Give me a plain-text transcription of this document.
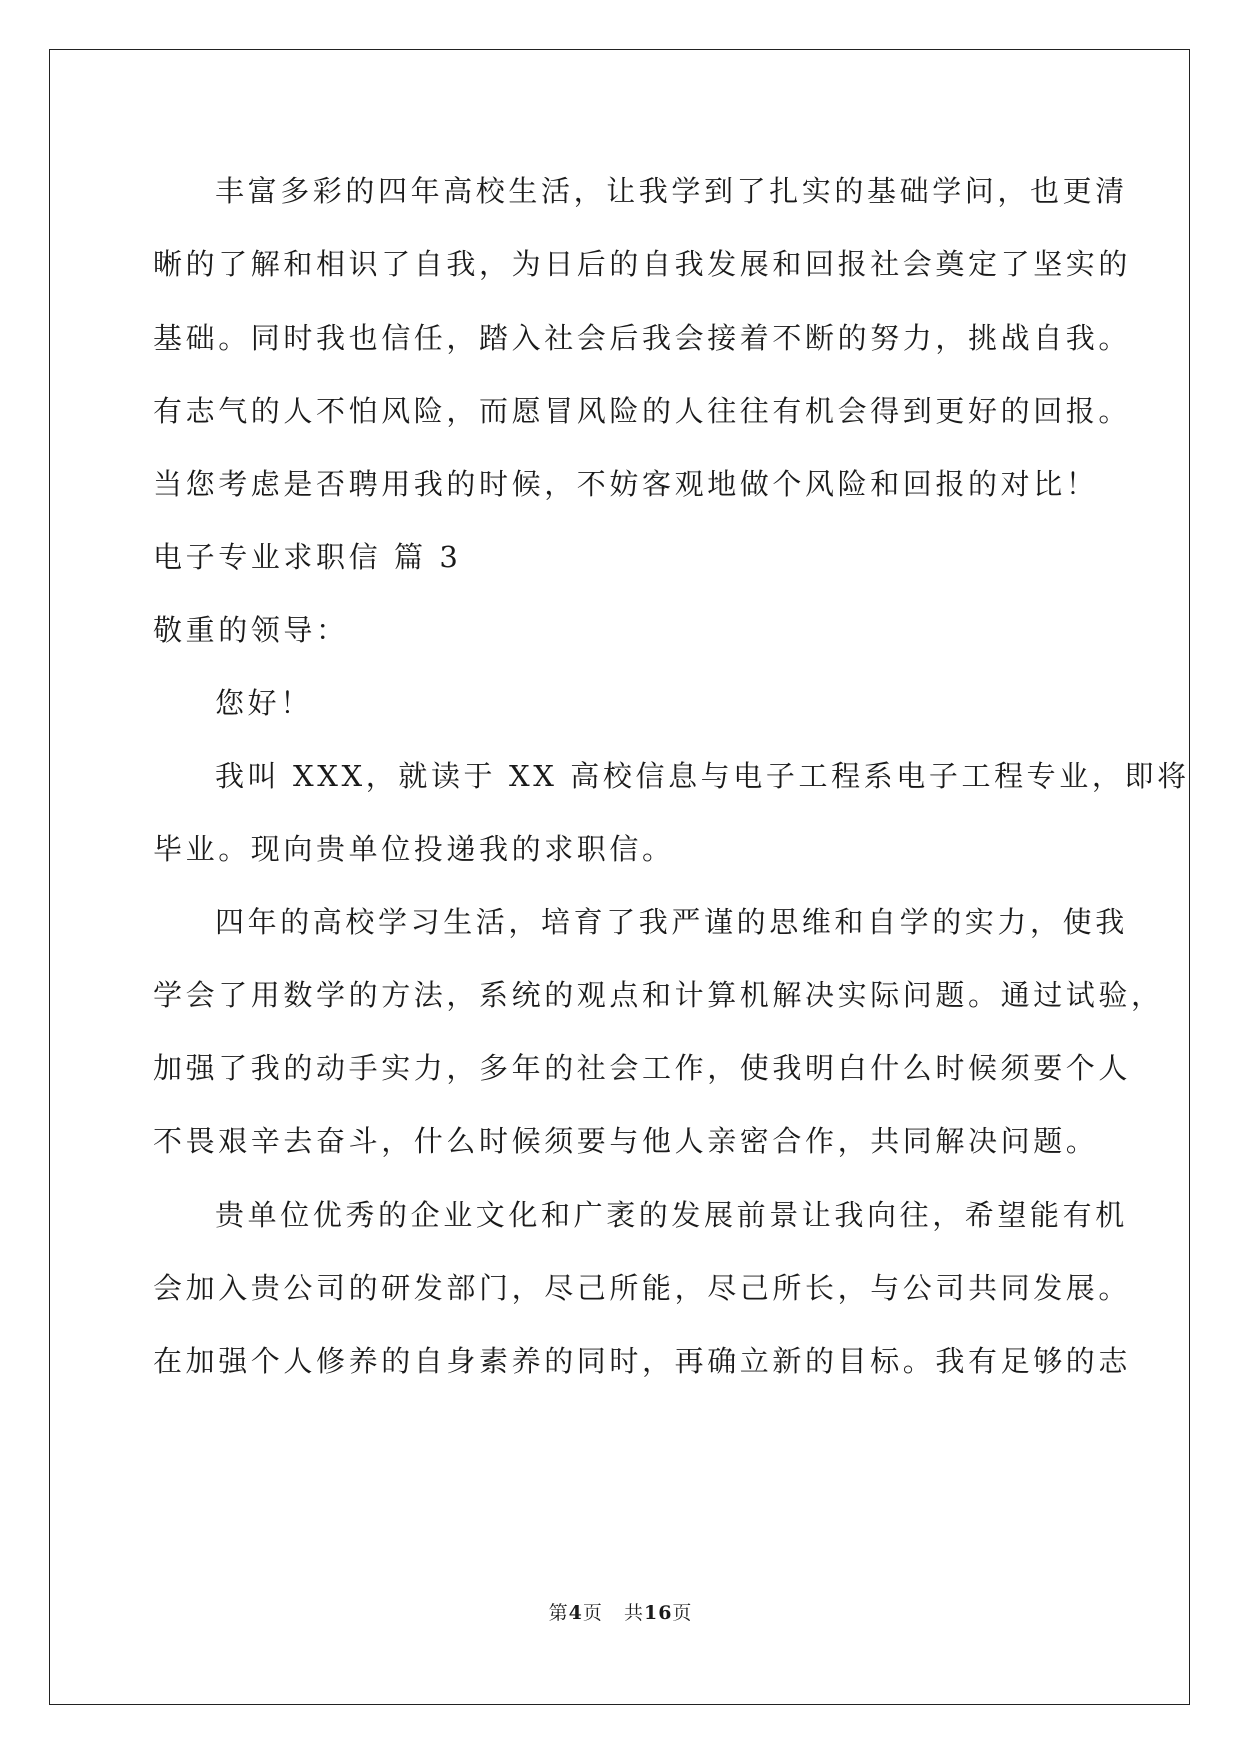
丰富多彩的四年高校生活，让我学到了扎实的基础学问，也更清
晰的了解和相识了自我，为日后的自我发展和回报社会奠定了坚实的
基础。同时我也信任，踏入社会后我会接着不断的努力，挑战自我。
有志气的人不怕风险，而愿冒风险的人往往有机会得到更好的回报。
当您考虑是否聘用我的时候，不妨客观地做个风险和回报的对比！
电子专业求职信 篇 3
敬重的领导：
您好！
我叫 XXX，就读于 XX 高校信息与电子工程系电子工程专业，即将
毕业。现向贵单位投递我的求职信。
四年的高校学习生活，培育了我严谨的思维和自学的实力，使我
学会了用数学的方法，系统的观点和计算机解决实际问题。通过试验，
加强了我的动手实力，多年的社会工作，使我明白什么时候须要个人
不畏艰辛去奋斗，什么时候须要与他人亲密合作，共同解决问题。
贵单位优秀的企业文化和广袤的发展前景让我向往，希望能有机
会加入贵公司的研发部门，尽己所能，尽己所长，与公司共同发展。
在加强个人修养的自身素养的同时，再确立新的目标。我有足够的志
第4页 共16页
